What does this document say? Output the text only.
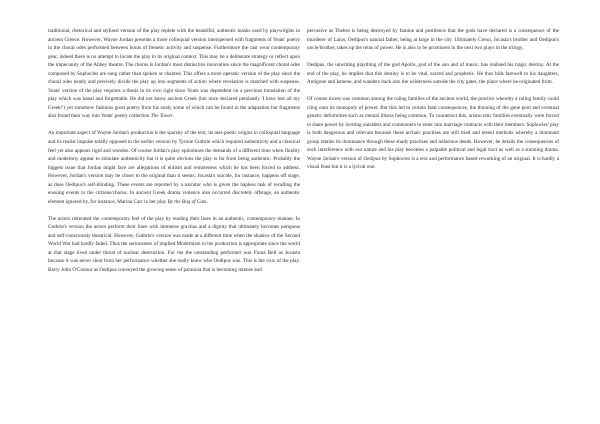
traditional, rhetorical and stylised version of the play replete with the beautiful, authentic masks used by playwrights in ancient Greece. However, Wayne Jordan presents a more colloquial version interspersed with fragments of Yeats' poetry in the choral odes performed between bouts of frenetic activity and suspense. Furthermore the cast wear contemporary gear, indeed there is no attempt to locate the play in its original context. This may be a deliberate strategy or reflect upon the impecunity of the Abbey theatre. The chorus is Jordan's most distinctive innovation since the magnificent choral odes composed by Sophocles are sung rather than spoken or chanted. This offers a more operatic version of the play since the choral odes neatly and precisely divide the play up into segments of action where revelation is matched with suspense. Yeats' version of the play requires a thesis in its own right since Yeats was dependent on a previous translation of the play which was banal and forgettable. He did not know ancient Greek (but once declared petulantly 'I have lost all my Greek!') yet somehow fashions great poetry from his study some of which can be found in the adaptation but fragments also found their way into Yeats' poetry collection The Tower.

An important aspect of Wayne Jordan's production is the sparsity of the text, its anti-poetic origins in colloquial language and its realist impulse totally opposed to the earlier version by Tyrone Guthrie which required authenticity and a classical feel yet also appears rigid and wooden. Of course Jordan's play epitomises the demands of a different time when fluidity and modernity appear to simulate authenticity but it is quite obvious the play is far from being authentic. Probably the biggest issue that Jordan might face are allegations of elitism and remoteness which he has been forced to address. However, Jordan's version may be closer to the original than it seems; Jocasta's suicide, for instance, happens off stage, as does Oedipus's self-blinding. These events are reported by a narrator who is given the hapless task of recalling the ensuing events to the citizens/chorus. In ancient Greek drama violence also occurred discretely offstage, an authentic element ignored by, for instance, Marina Carr in her play By the Bog of Cats.

The actors reiterated the contemporary feel of the play by reading their lines in an authentic, contemporary manner. In Guthrie's version the actors perform their lines with immense gravitas and a dignity that ultimately becomes pompous and self-consciously theatrical. However, Guthrie's version was made at a different time when the shadow of the Second World War had hardly faded. Thus the seriousness of implied Modernism in his production is appropriate since the world at that stage lived under threat of nuclear destruction. For me the outstanding performer was Fiona Bell as Jocasta because it was never clear from her performance whether she really knew who Oedipus was. This is the crux of the play. Barry John O'Connor as Oedipus conveyed the growing sense of paranoia that is becoming intense and

pervasive as Thebes is being destroyed by famine and pestilence that the gods have declared is a consequence of the murderer of Laius, Oedipus's natural father, being at large in the city. Ultimately Creon, Jocasta's brother and Oedipus's uncle/brother, takes up the reins of power. He is also to be prominent in the next two plays in the trilogy.

Oedipus, the unwitting plaything of the god Apollo, god of the sun and of music, has realised his tragic destiny. At the end of the play, he implies that this destiny is to be vital, sacred and prophetic. He thus bids farewell to his daughters, Antigone and Ismene, and wanders back into the wilderness outside the city gates, the place where he originated from.

Of course incest was common among the ruling families of the ancient world, the practice whereby a ruling family could cling onto its monopoly of power. But this led to certain fatal consequences, the thinning of the gene pool and eventual genetic deformities such as mental illness being common. To counteract this, aristocratic families eventually were forced to share power by inviting outsiders and commoners to enter into marriage contracts with their members. Sophocles' play is both dangerous and relevant because these archaic practises are still tried and tested methods whereby a dominant group retains its dominance through these shady practises and nefarious deeds. However, he details the consequences of such interference with our nature and his play becomes a palpable political and legal tract as well as a stunning drama. Wayne Jordan's version of Oedipus by Sophocles is a text and performance based reworking of an original. It is hardly a visual feast but it is a lyrical one.
